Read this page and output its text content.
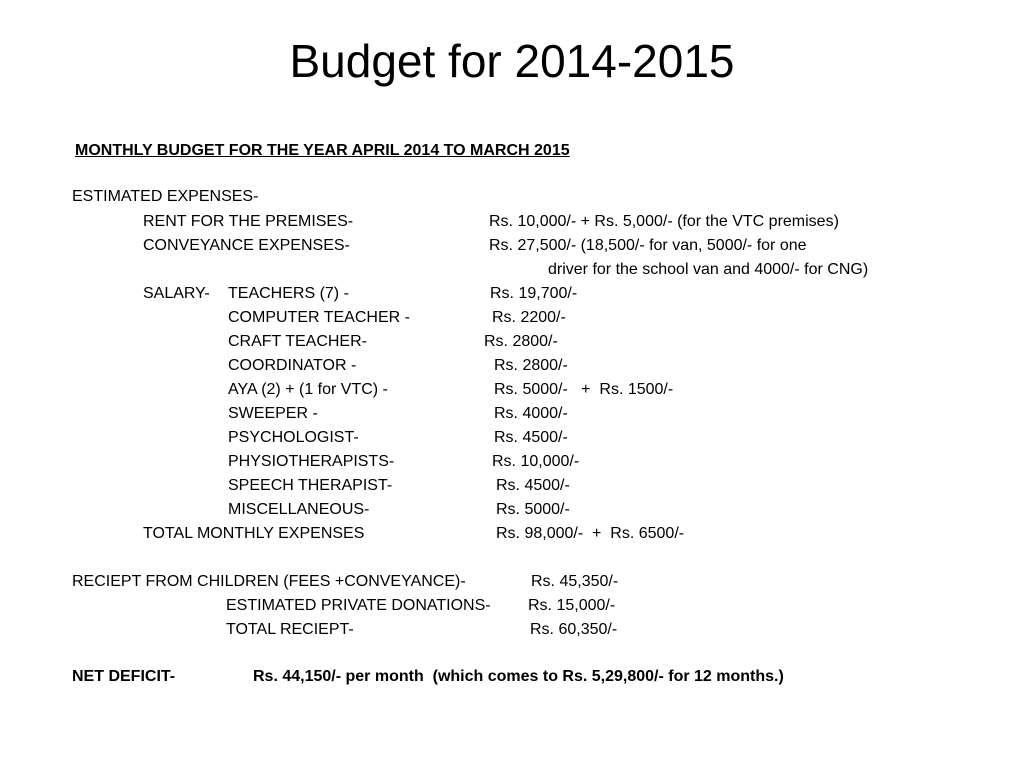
Budget for 2014-2015
MONTHLY BUDGET FOR THE YEAR APRIL 2014 TO MARCH 2015
ESTIMATED EXPENSES-
RENT FOR THE PREMISES-	Rs. 10,000/- + Rs. 5,000/- (for the VTC premises)
CONVEYANCE EXPENSES-	Rs. 27,500/- (18,500/- for van, 5000/- for one
driver for the school van and 4000/- for CNG)
SALARY- TEACHERS (7) -	Rs. 19,700/-
COMPUTER TEACHER -	Rs. 2200/-
CRAFT TEACHER-	Rs. 2800/-
COORDINATOR -	Rs. 2800/-
AYA (2) + (1 for VTC) -	Rs. 5000/-   +  Rs. 1500/-
SWEEPER -	Rs. 4000/-
PSYCHOLOGIST-	Rs. 4500/-
PHYSIOTHERAPISTS-	Rs. 10,000/-
SPEECH THERAPIST-	Rs. 4500/-
MISCELLANEOUS-	Rs. 5000/-
TOTAL MONTHLY EXPENSES	Rs. 98,000/-  +  Rs. 6500/-
RECIEPT FROM CHILDREN (FEES +CONVEYANCE)-	Rs. 45,350/-
ESTIMATED PRIVATE DONATIONS- Rs. 15,000/-
TOTAL RECIEPT-	Rs. 60,350/-
NET DEFICIT-	Rs. 44,150/- per month  (which comes to Rs. 5,29,800/- for 12 months.)
